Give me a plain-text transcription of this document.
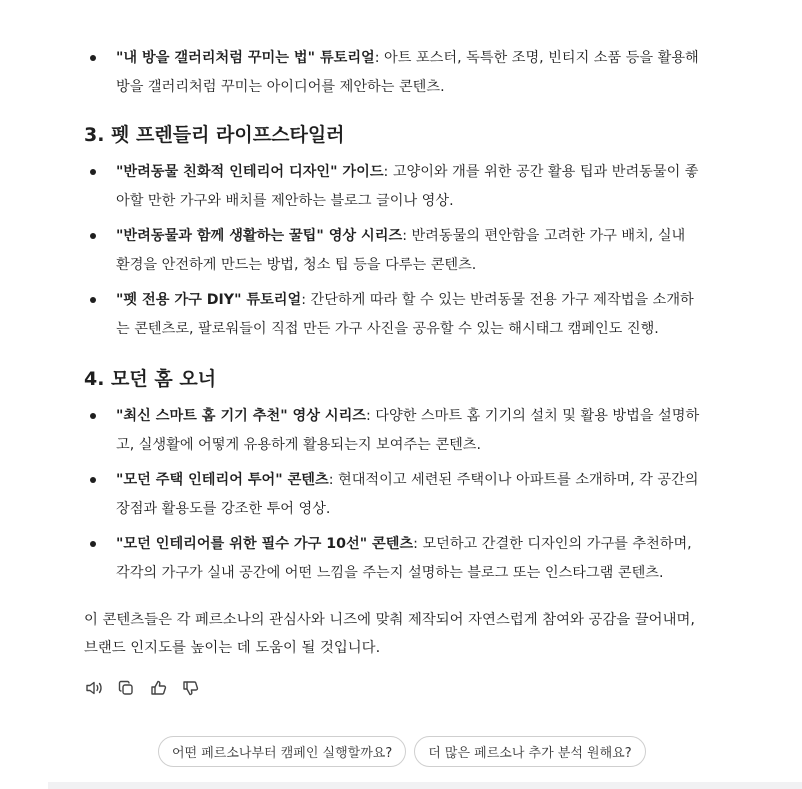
"내 방을 갤러리처럼 꾸미는 법" 튜토리얼: 아트 포스터, 독특한 조명, 빈티지 소품 등을 활용해
방을 갤러리처럼 꾸미는 아이디어를 제안하는 콘텐츠.
3. 펫 프렌들리 라이프스타일러
"반려동물 친화적 인테리어 디자인" 가이드: 고양이와 개를 위한 공간 활용 팁과 반려동물이 좋
아할 만한 가구와 배치를 제안하는 블로그 글이나 영상.
"반려동물과 함께 생활하는 꿀팁" 영상 시리즈: 반려동물의 편안함을 고려한 가구 배치, 실내
환경을 안전하게 만드는 방법, 청소 팁 등을 다루는 콘텐츠.
"펫 전용 가구 DIY" 튜토리얼: 간단하게 따라 할 수 있는 반려동물 전용 가구 제작법을 소개하
는 콘텐츠로, 팔로워들이 직접 만든 가구 사진을 공유할 수 있는 해시태그 캠페인도 진행.
4. 모던 홈 오너
"최신 스마트 홈 기기 추천" 영상 시리즈: 다양한 스마트 홈 기기의 설치 및 활용 방법을 설명하
고, 실생활에 어떻게 유용하게 활용되는지 보여주는 콘텐츠.
"모던 주택 인테리어 투어" 콘텐츠: 현대적이고 세련된 주택이나 아파트를 소개하며, 각 공간의
장점과 활용도를 강조한 투어 영상.
"모던 인테리어를 위한 필수 가구 10선" 콘텐츠: 모던하고 간결한 디자인의 가구를 추천하며,
각각의 가구가 실내 공간에 어떤 느낌을 주는지 설명하는 블로그 또는 인스타그램 콘텐츠.
이 콘텐츠들은 각 페르소나의 관심사와 니즈에 맞춰 제작되어 자연스럽게 참여와 공감을 끌어내며,
브랜드 인지도를 높이는 데 도움이 될 것입니다.
어떤 페르소나부터 캠페인 실행할까요?	더 많은 페르소나 추가 분석 원해요?
